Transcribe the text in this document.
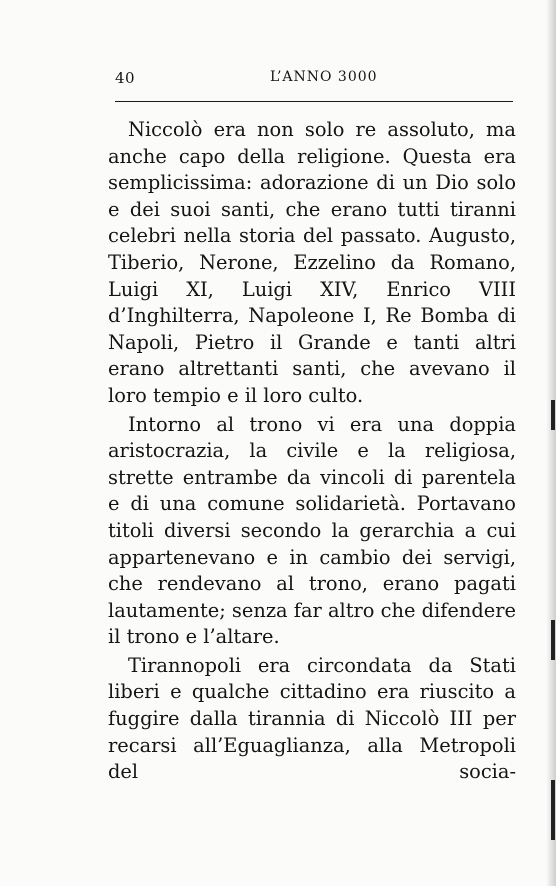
40	L’ANNO 3000

Niccolò era non solo re assoluto, ma anche capo della religione. Questa era semplicissima: adorazione di un Dio solo e dei suoi santi, che erano tutti tiranni celebri nella storia del passato. Augusto, Tiberio, Nerone, Ezzelino da Romano, Luigi XI, Luigi XIV, Enrico VIII d’Inghilterra, Napoleone I, Re Bomba di Napoli, Pietro il Grande e tanti altri erano altrettanti santi, che avevano il loro tempio e il loro culto.

Intorno al trono vi era una doppia aristocrazia, la civile e la religiosa, strette entrambe da vincoli di parentela e di una comune solidarietà. Portavano titoli diversi secondo la gerarchia a cui appartenevano e in cambio dei servigi, che rendevano al trono, erano pagati lautamente; senza far altro che difendere il trono e l’altare.

Tirannopoli era circondata da Stati liberi e qualche cittadino era riuscito a fuggire dalla tirannia di Niccolò III per recarsi all’Eguaglianza, alla Metropoli del socia-
